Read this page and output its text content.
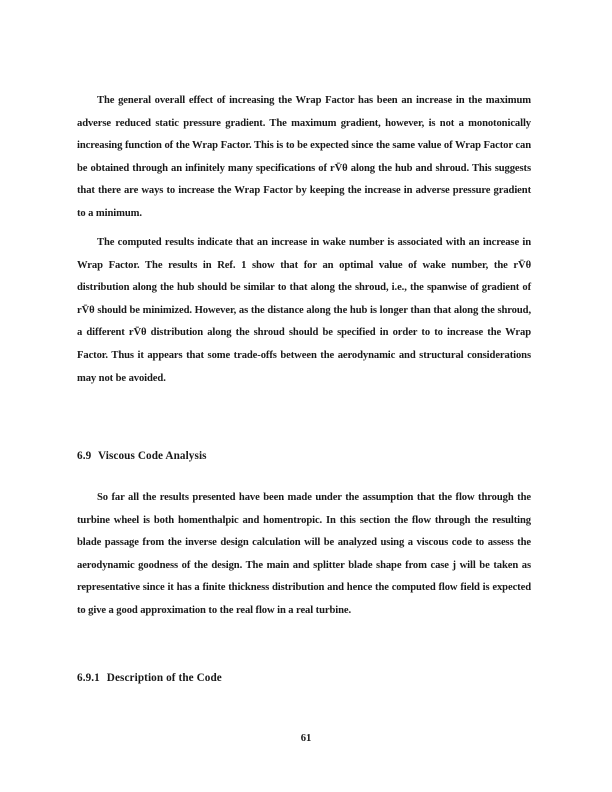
The general overall effect of increasing the Wrap Factor has been an increase in the maximum adverse reduced static pressure gradient. The maximum gradient, however, is not a monotonically increasing function of the Wrap Factor. This is to be expected since the same value of Wrap Factor can be obtained through an infinitely many specifications of rV̄θ along the hub and shroud. This suggests that there are ways to increase the Wrap Factor by keeping the increase in adverse pressure gradient to a minimum.

The computed results indicate that an increase in wake number is associated with an increase in Wrap Factor. The results in Ref. 1 show that for an optimal value of wake number, the rV̄θ distribution along the hub should be similar to that along the shroud, i.e., the spanwise of gradient of rV̄θ should be minimized. However, as the distance along the hub is longer than that along the shroud, a different rV̄θ distribution along the shroud should be specified in order to to increase the Wrap Factor. Thus it appears that some trade-offs between the aerodynamic and structural considerations may not be avoided.

6.9 Viscous Code Analysis

So far all the results presented have been made under the assumption that the flow through the turbine wheel is both homenthalpic and homentropic. In this section the flow through the resulting blade passage from the inverse design calculation will be analyzed using a viscous code to assess the aerodynamic goodness of the design. The main and splitter blade shape from case j will be taken as representative since it has a finite thickness distribution and hence the computed flow field is expected to give a good approximation to the real flow in a real turbine.

6.9.1 Description of the Code
61
